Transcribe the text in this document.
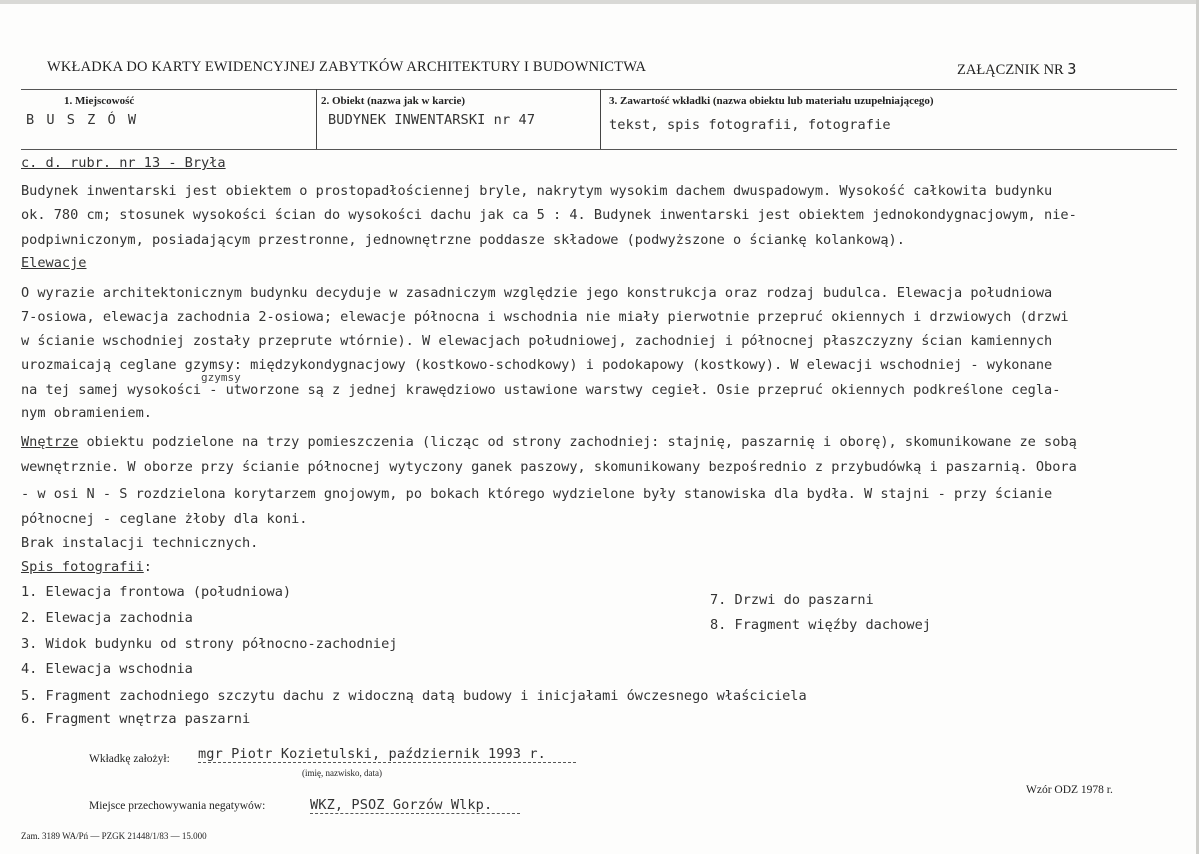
WKŁADKA DO KARTY EWIDENCYJNEJ ZABYTKÓW ARCHITEKTURY I BUDOWNICTWA	ZAŁĄCZNIK NR 3
1. Miejscowość	2. Obiekt (nazwa jak w karcie)	3. Zawartość wkładki (nazwa obiektu lub materiału uzupełniającego)
B U S Z Ó W	BUDYNEK INWENTARSKI nr 47	tekst, spis fotografii, fotografie
c. d. rubr. nr 13 - Bryła
Budynek inwentarski jest obiektem o prostopadłościennej bryle, nakrytym wysokim dachem dwuspadowym. Wysokość całkowita budynku
ok. 780 cm; stosunek wysokości ścian do wysokości dachu jak ca 5 : 4. Budynek inwentarski jest obiektem jednokondygnacjowym, nie-
podpiwniczonym, posiadającym przestronne, jednownętrzne poddasze składowe (podwyższone o ściankę kolankową).
Elewacje
O wyrazie architektonicznym budynku decyduje w zasadniczym względzie jego konstrukcja oraz rodzaj budulca. Elewacja południowa
7-osiowa, elewacja zachodnia 2-osiowa; elewacje północna i wschodnia nie miały pierwotnie przepruć okiennych i drzwiowych (drzwi
w ścianie wschodniej zostały przeprute wtórnie). W elewacjach południowej, zachodniej i północnej płaszczyzny ścian kamiennych
urozmaicają ceglane gzymsy: międzykondygnacjowy (kostkowo-schodkowy) i podokapowy (kostkowy). W elewacji wschodniej - wykonane
gzymsy
na tej samej wysokości - utworzone są z jednej krawędziowo ustawione warstwy cegieł. Osie przepruć okiennych podkreślone cegla-
nym obramieniem.
Wnętrze obiektu podzielone na trzy pomieszczenia (licząc od strony zachodniej: stajnię, paszarnię i oborę), skomunikowane ze sobą
wewnętrznie. W oborze przy ścianie północnej wytyczony ganek paszowy, skomunikowany bezpośrednio z przybudówką i paszarnią. Obora
- w osi N - S rozdzielona korytarzem gnojowym, po bokach którego wydzielone były stanowiska dla bydła. W stajni - przy ścianie
północnej - ceglane żłoby dla koni.
Brak instalacji technicznych.
Spis fotografii:
1. Elewacja frontowa (południowa)
2. Elewacja zachodnia
3. Widok budynku od strony północno-zachodniej
4. Elewacja wschodnia
5. Fragment zachodniego szczytu dachu z widoczną datą budowy i inicjałami ówczesnego właściciela
6. Fragment wnętrza paszarni
7. Drzwi do paszarni
8. Fragment więźby dachowej
Wkładkę założył: mgr Piotr Kozietulski, październik 1993 r.
(imię, nazwisko, data)
Wzór ODZ 1978 r.
Miejsce przechowywania negatywów:	WKZ, PSOZ Gorzów Wlkp.
Zam. 3189 WA/Pń — PZGK 21448/1/83 — 15.000
